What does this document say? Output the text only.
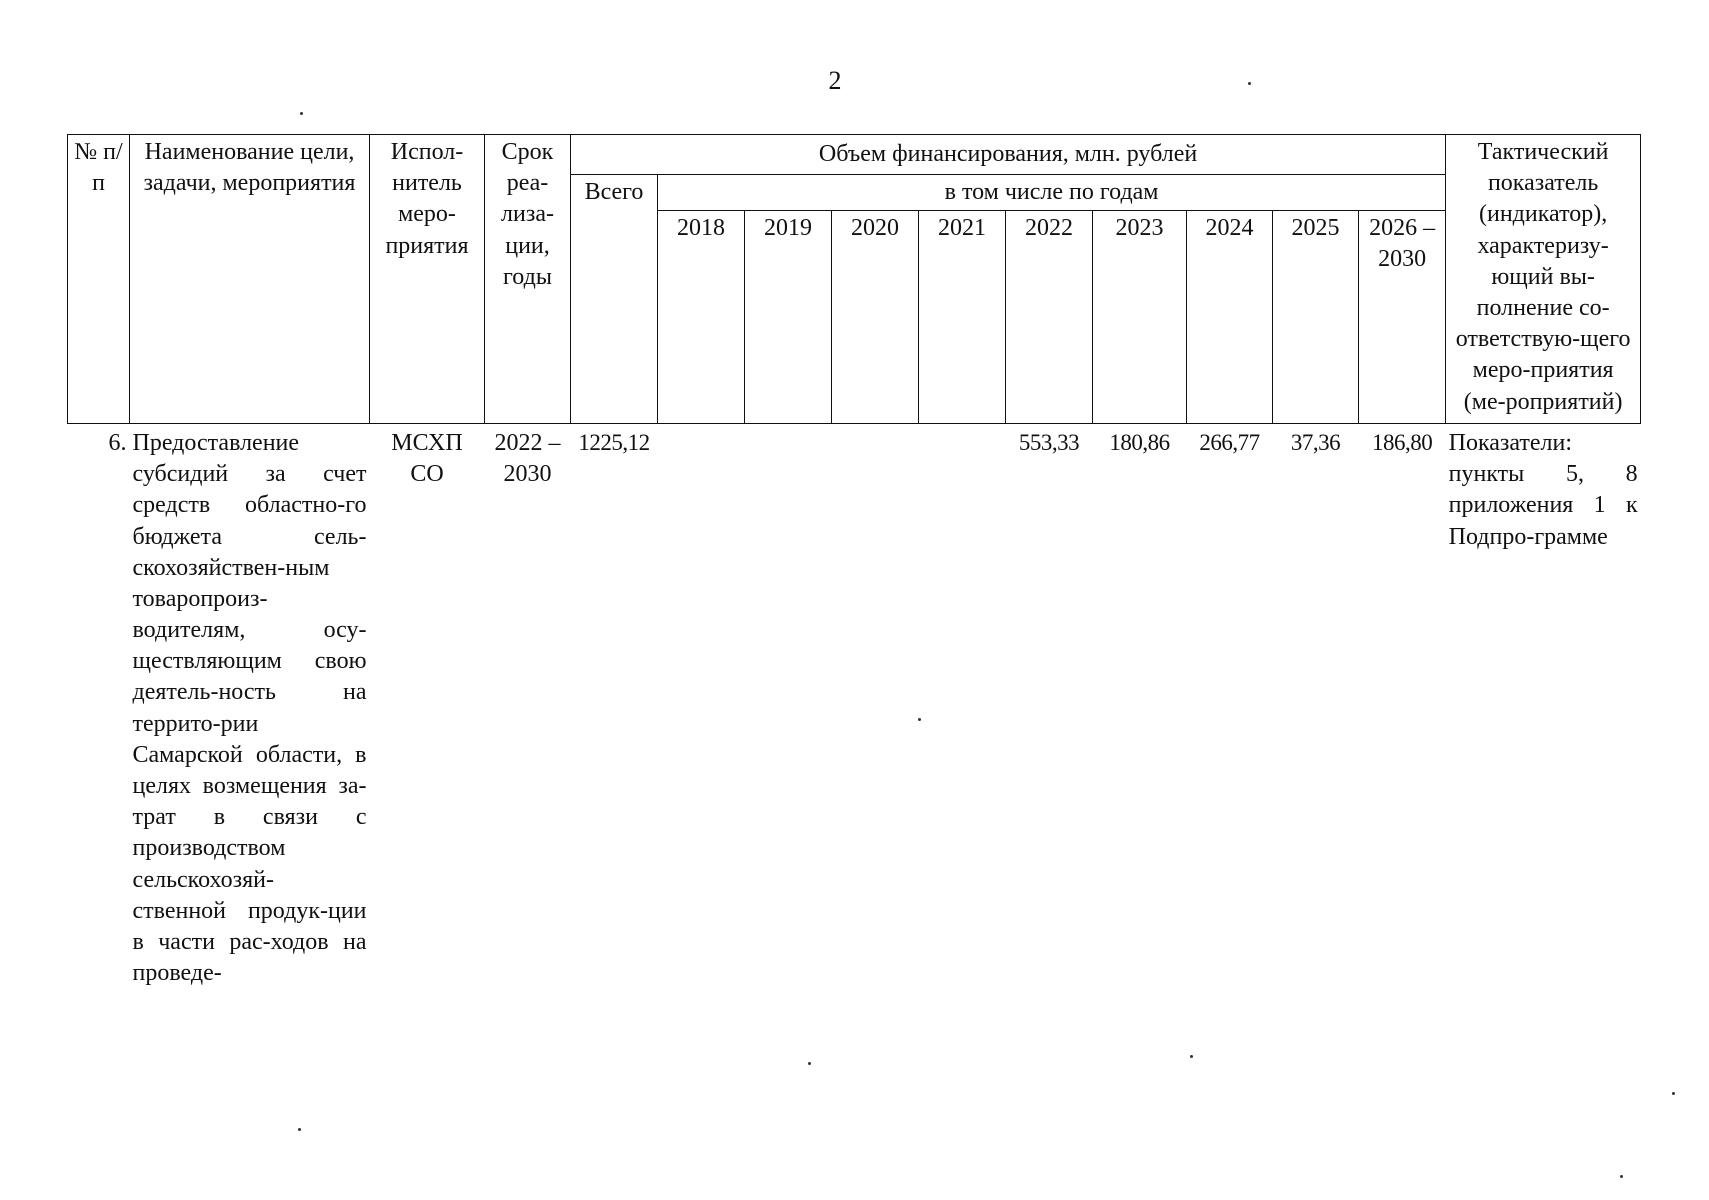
2
№ п/п	Наименование цели, задачи, мероприятия	Испол-нитель меро-приятия	Срок реа-лиза-ции, годы	Объем финансирования, млн. рублей										Тактический показатель (индикатор), характеризу-ющий вы-полнение со-ответствую-щего меро-приятия (ме-роприятий)
				Всего	в том числе по годам									
					2018	2019	2020	2021	2022	2023	2024	2025	2026 – 2030	
6.	Предоставление субсидий за счет средств областно-го бюджета сель-скохозяйствен-ным товаропроиз-водителям, осу-ществляющим свою деятель-ность на террито-рии Самарской области, в целях возмещения за-трат в связи с производством сельскохозяй-ственной продук-ции в части рас-ходов на проведе-	МСХП СО	2022 – 2030	1225,12					553,33	180,86	266,77	37,36	186,80	Показатели: пункты 5, 8 приложения 1 к Подпро-грамме
